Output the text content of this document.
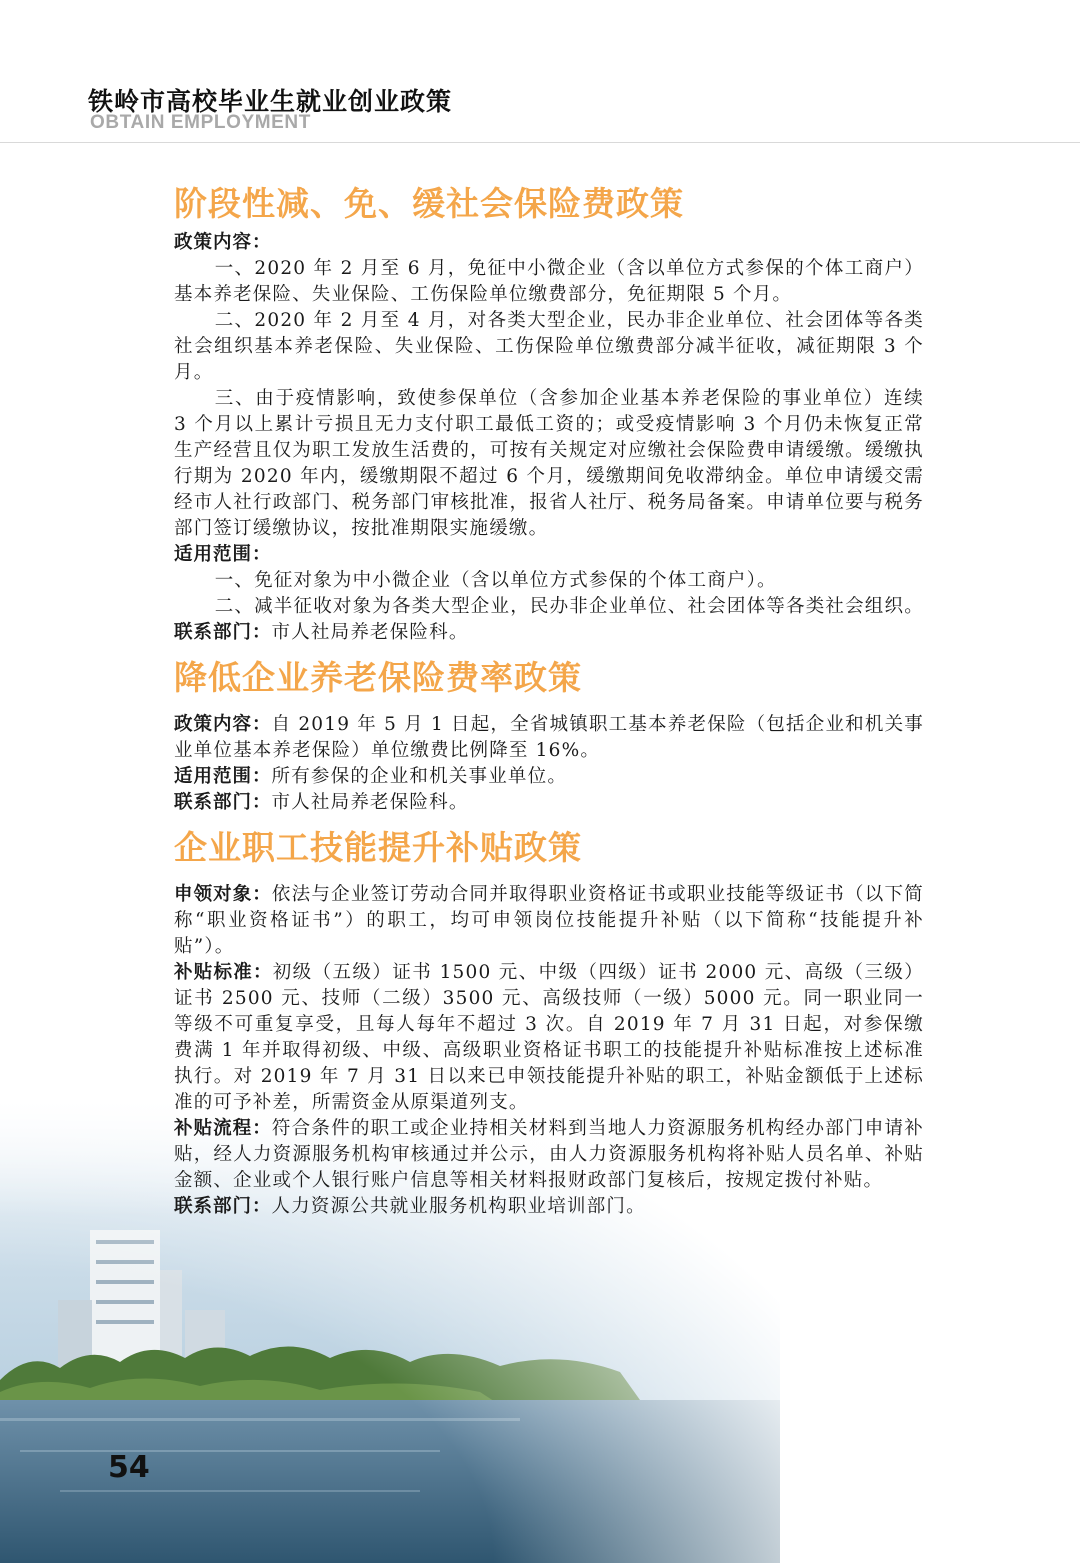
铁岭市高校毕业生就业创业政策
OBTAIN EMPLOYMENT
阶段性减、免、缓社会保险费政策
政策内容：

一、2020 年 2 月至 6 月，免征中小微企业（含以单位方式参保的个体工商户）基本养老保险、失业保险、工伤保险单位缴费部分，免征期限 5 个月。

二、2020 年 2 月至 4 月，对各类大型企业，民办非企业单位、社会团体等各类社会组织基本养老保险、失业保险、工伤保险单位缴费部分减半征收，减征期限 3 个月。

三、由于疫情影响，致使参保单位（含参加企业基本养老保险的事业单位）连续 3 个月以上累计亏损且无力支付职工最低工资的；或受疫情影响 3 个月仍未恢复正常生产经营且仅为职工发放生活费的，可按有关规定对应缴社会保险费申请缓缴。缓缴执行期为 2020 年内，缓缴期限不超过 6 个月，缓缴期间免收滞纳金。单位申请缓交需经市人社行政部门、税务部门审核批准，报省人社厅、税务局备案。申请单位要与税务部门签订缓缴协议，按批准期限实施缓缴。

适用范围：

一、免征对象为中小微企业（含以单位方式参保的个体工商户）。

二、减半征收对象为各类大型企业，民办非企业单位、社会团体等各类社会组织。

联系部门：市人社局养老保险科。

降低企业养老保险费率政策

政策内容：自 2019 年 5 月 1 日起，全省城镇职工基本养老保险（包括企业和机关事业单位基本养老保险）单位缴费比例降至 16%。

适用范围：所有参保的企业和机关事业单位。

联系部门：市人社局养老保险科。

企业职工技能提升补贴政策

申领对象：依法与企业签订劳动合同并取得职业资格证书或职业技能等级证书（以下简称“职业资格证书”）的职工，均可申领岗位技能提升补贴（以下简称“技能提升补贴”）。

补贴标准：初级（五级）证书 1500 元、中级（四级）证书 2000 元、高级（三级）证书 2500 元、技师（二级）3500 元、高级技师（一级）5000 元。同一职业同一等级不可重复享受，且每人每年不超过 3 次。自 2019 年 7 月 31 日起，对参保缴费满 1 年并取得初级、中级、高级职业资格证书职工的技能提升补贴标准按上述标准执行。对 2019 年 7 月 31 日以来已申领技能提升补贴的职工，补贴金额低于上述标准的可予补差，所需资金从原渠道列支。

补贴流程：符合条件的职工或企业持相关材料到当地人力资源服务机构经办部门申请补贴，经人力资源服务机构审核通过并公示，由人力资源服务机构将补贴人员名单、补贴金额、企业或个人银行账户信息等相关材料报财政部门复核后，按规定拨付补贴。

联系部门：人力资源公共就业服务机构职业培训部门。

54
